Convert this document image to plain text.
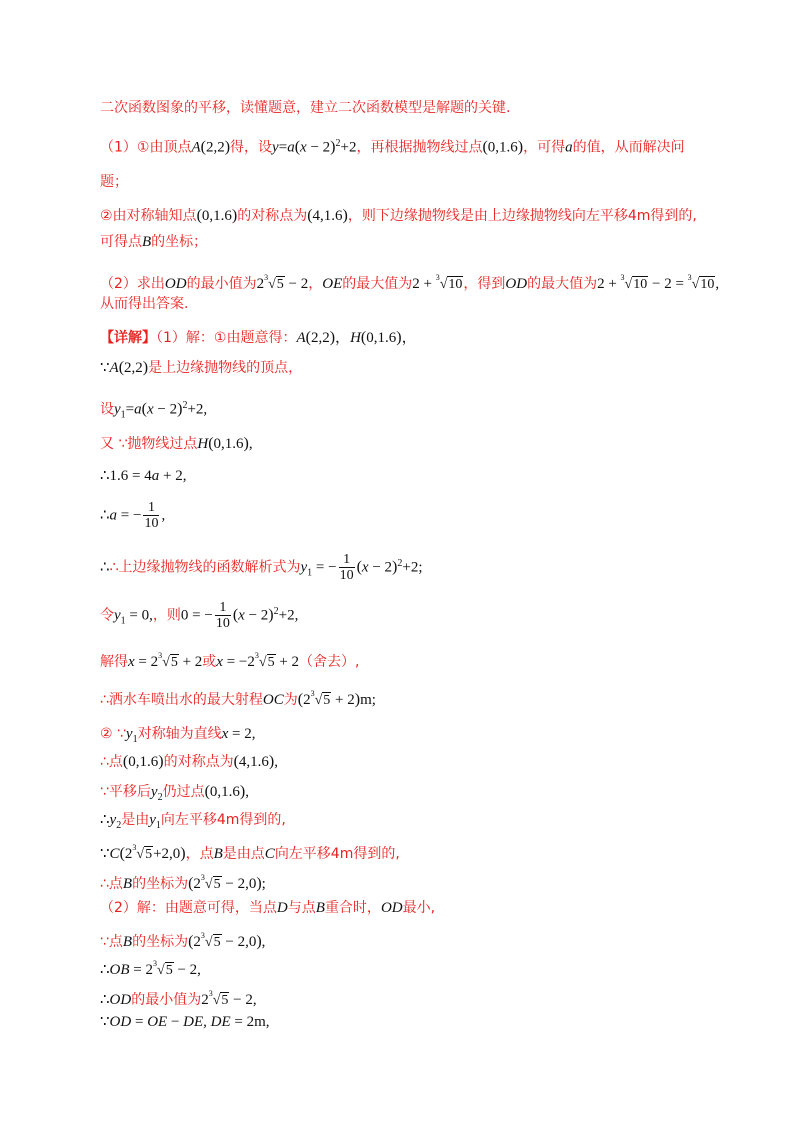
二次函数图象的平移，读懂题意，建立二次函数模型是解题的关键.
（1）①由顶点A(2,2)得，设$y=a(x - 2)^2+2$，再根据抛物线过点(0,1.6)，可得a的值，从而解决问
题；
②由对称轴知点(0,1.6)的对称点为(4,1.6)，则下边缘抛物线是由上边缘抛物线向左平移4m得到的,
可得点B的坐标；
（2）求出OD的最小值为$2^3√5 - 2$，OE的最大值为2 + $^3$√10，得到OD的最大值为2 + $^3$√10 − 2 = $^3$√10,
从而得出答案.
【详解】（1）解：①由题意得：A(2,2)，H(0,1.6)，
∵A(2,2)是上边缘抛物线的顶点，
设$y_1=a(x - 2)^2+2$,
又 ∵抛物线过点H(0,1.6),
∴1.6 = 4a + 2,
∴a = − $\frac{1}{10}$ ,
∴∴上边缘抛物线的函数解析式为$y_1$ = − $\frac{1}{10} (x - 2)^2+2$;
令$y_1 = 0$,，则0 = − $\frac{1}{10} (x - 2)^2+2$,
解得$x = 2^3√5 + 2$或$x = -2^3√5 + 2$（舍去）,
∴洒水车喷出水的最大射程OC为$(2^3√5 + 2)m$;
② $\because y_1$对称轴为直线x = 2,
∴点(0,1.6)的对称点为(4,1.6),
∵平移后$y_2$仍过点(0,1.6),
$\therefore y_2$是由$y_1$向左平移4m得到的,
$\because C(2^3√5+2,0)$，点B是由点C向左平移4m得到的,
∴点B的坐标为$(2^3√5 - 2,0)$;
（2）解：由题意可得，当点D与点B重合时，OD最小,
∵点B的坐标为$(2^3√5 - 2,0)$,
∴OB = $2^3√5 - 2$,
∴OD的最小值为$2^3√5 - 2$,
∵OD = OE − DE, DE = 2m,
